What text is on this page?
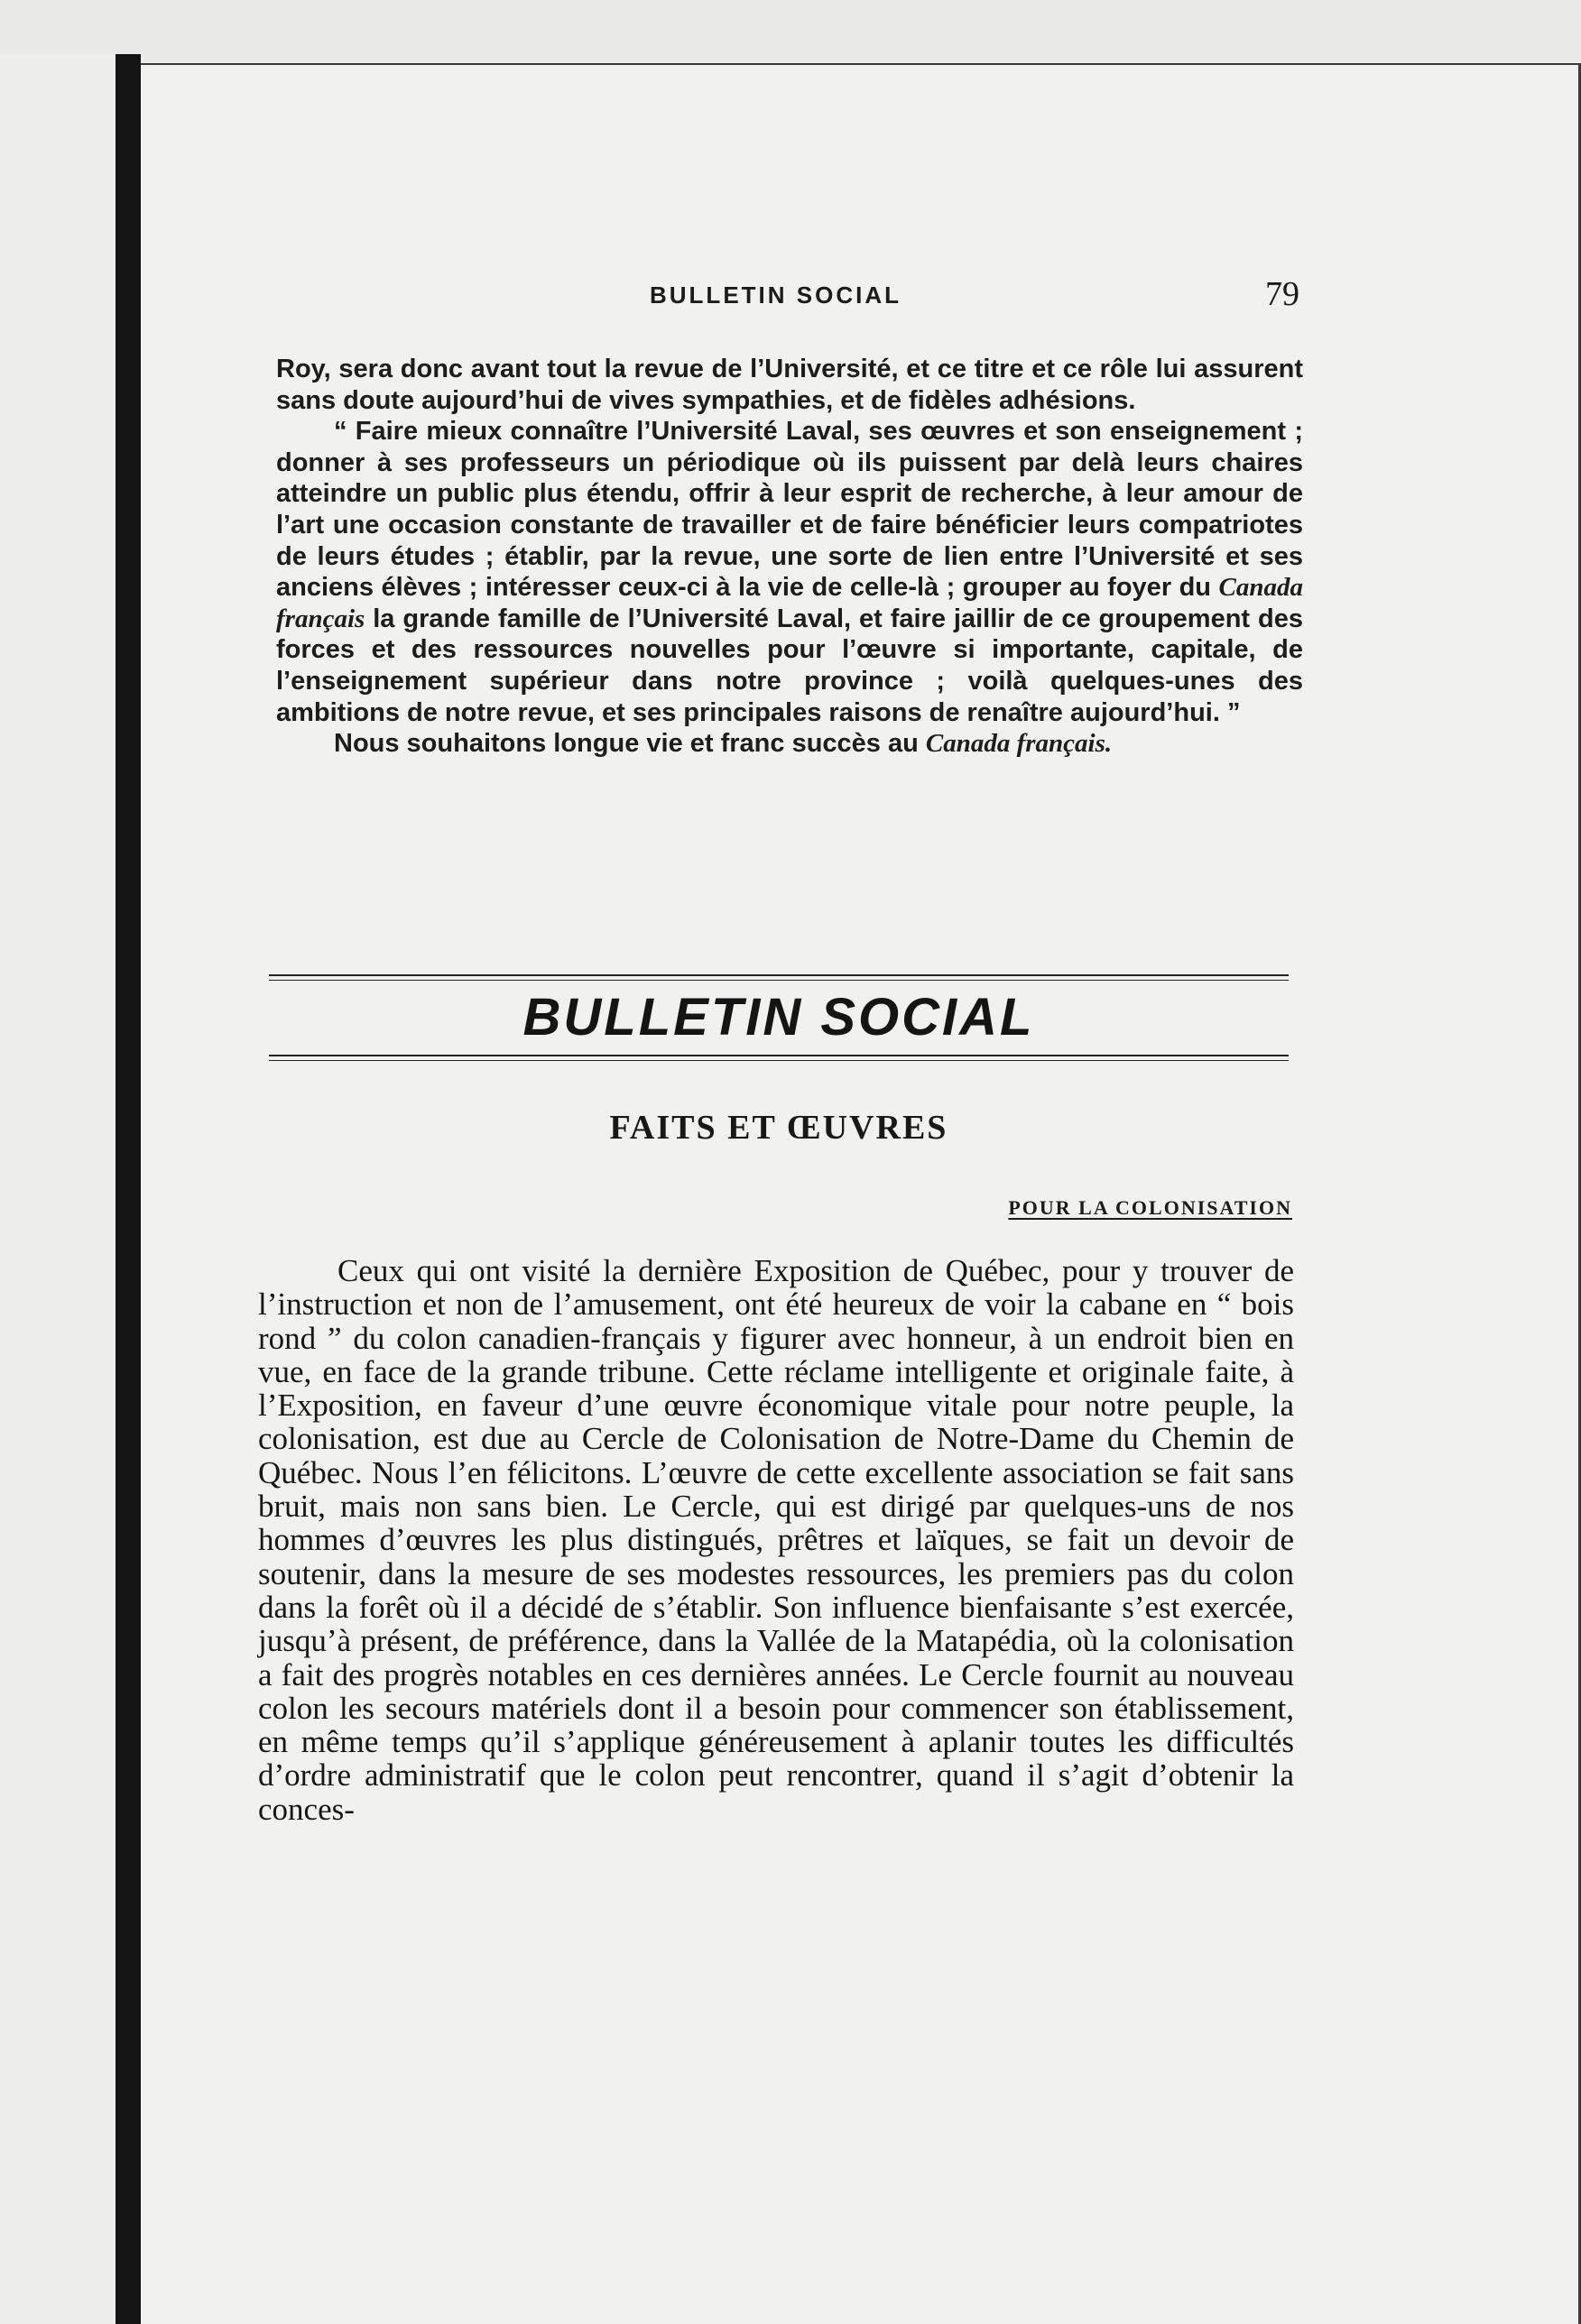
BULLETIN SOCIAL	79

Roy, sera donc avant tout la revue de l’Université, et ce titre et ce rôle lui assurent sans doute aujourd’hui de vives sympathies, et de fidèles adhésions.

“ Faire mieux connaître l’Université Laval, ses œuvres et son enseignement ; donner à ses professeurs un périodique où ils puissent par delà leurs chaires atteindre un public plus étendu, offrir à leur esprit de recherche, à leur amour de l’art une occasion constante de travailler et de faire bénéficier leurs compatriotes de leurs études ; établir, par la revue, une sorte de lien entre l’Université et ses anciens élèves ; intéresser ceux-ci à la vie de celle-là ; grouper au foyer du Canada français la grande famille de l’Université Laval, et faire jaillir de ce groupement des forces et des ressources nouvelles pour l’œuvre si importante, capitale, de l’enseignement supérieur dans notre province ; voilà quelques-unes des ambitions de notre revue, et ses principales raisons de renaître aujourd’hui. ”

Nous souhaitons longue vie et franc succès au Canada français.

BULLETIN SOCIAL
FAITS ET ŒUVRES
POUR LA COLONISATION

Ceux qui ont visité la dernière Exposition de Québec, pour y trouver de l’instruction et non de l’amusement, ont été heureux de voir la cabane en “ bois rond ” du colon canadien-français y figurer avec honneur, à un endroit bien en vue, en face de la grande tribune. Cette réclame intelligente et originale faite, à l’Exposition, en faveur d’une œuvre économique vitale pour notre peuple, la colonisation, est due au Cercle de Colonisation de Notre-Dame du Chemin de Québec. Nous l’en félicitons. L’œuvre de cette excellente association se fait sans bruit, mais non sans bien. Le Cercle, qui est dirigé par quelques-uns de nos hommes d’œuvres les plus distingués, prêtres et laïques, se fait un devoir de soutenir, dans la mesure de ses modestes ressources, les premiers pas du colon dans la forêt où il a décidé de s’établir. Son influence bienfaisante s’est exercée, jusqu’à présent, de préférence, dans la Vallée de la Matapédia, où la colonisation a fait des progrès notables en ces dernières années. Le Cercle fournit au nouveau colon les secours matériels dont il a besoin pour commencer son établissement, en même temps qu’il s’applique généreusement à aplanir toutes les difficultés d’ordre administratif que le colon peut rencontrer, quand il s’agit d’obtenir la conces-
